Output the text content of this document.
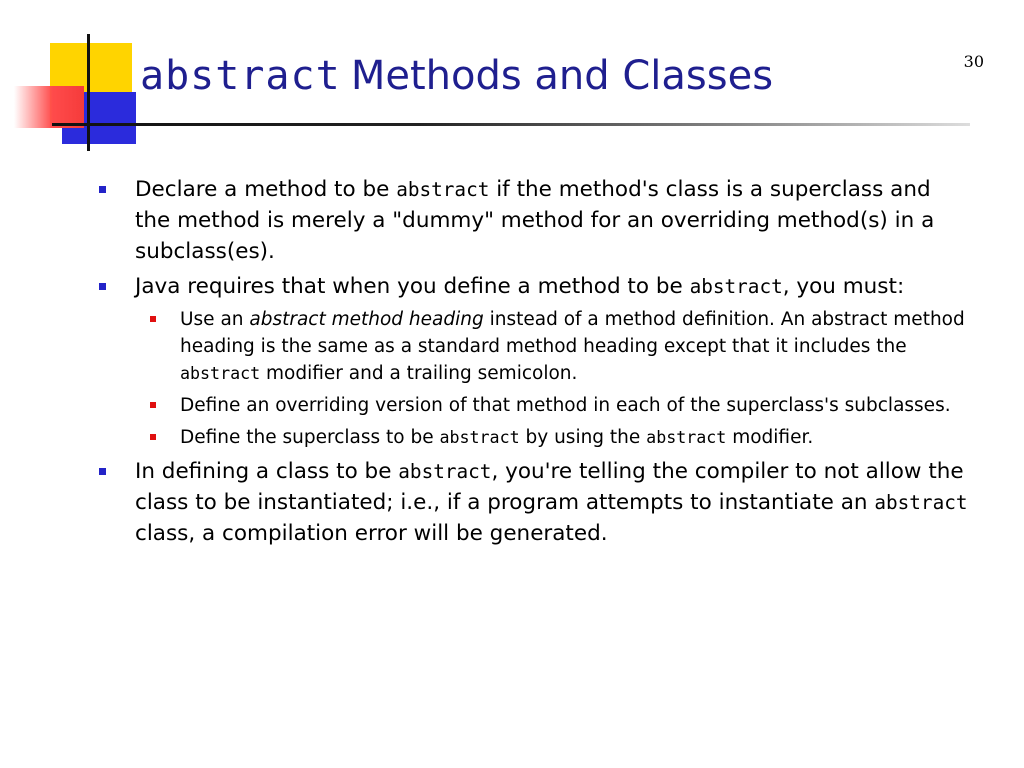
30
abstract Methods and Classes
Declare a method to be abstract if the method's class is a superclass and the method is merely a "dummy" method for an overriding method(s) in a subclass(es).
Java requires that when you define a method to be abstract, you must:
Use an abstract method heading instead of a method definition. An abstract method heading is the same as a standard method heading except that it includes the abstract modifier and a trailing semicolon.
Define an overriding version of that method in each of the superclass's subclasses.
Define the superclass to be abstract by using the abstract modifier.
In defining a class to be abstract, you're telling the compiler to not allow the class to be instantiated; i.e., if a program attempts to instantiate an abstract class, a compilation error will be generated.
